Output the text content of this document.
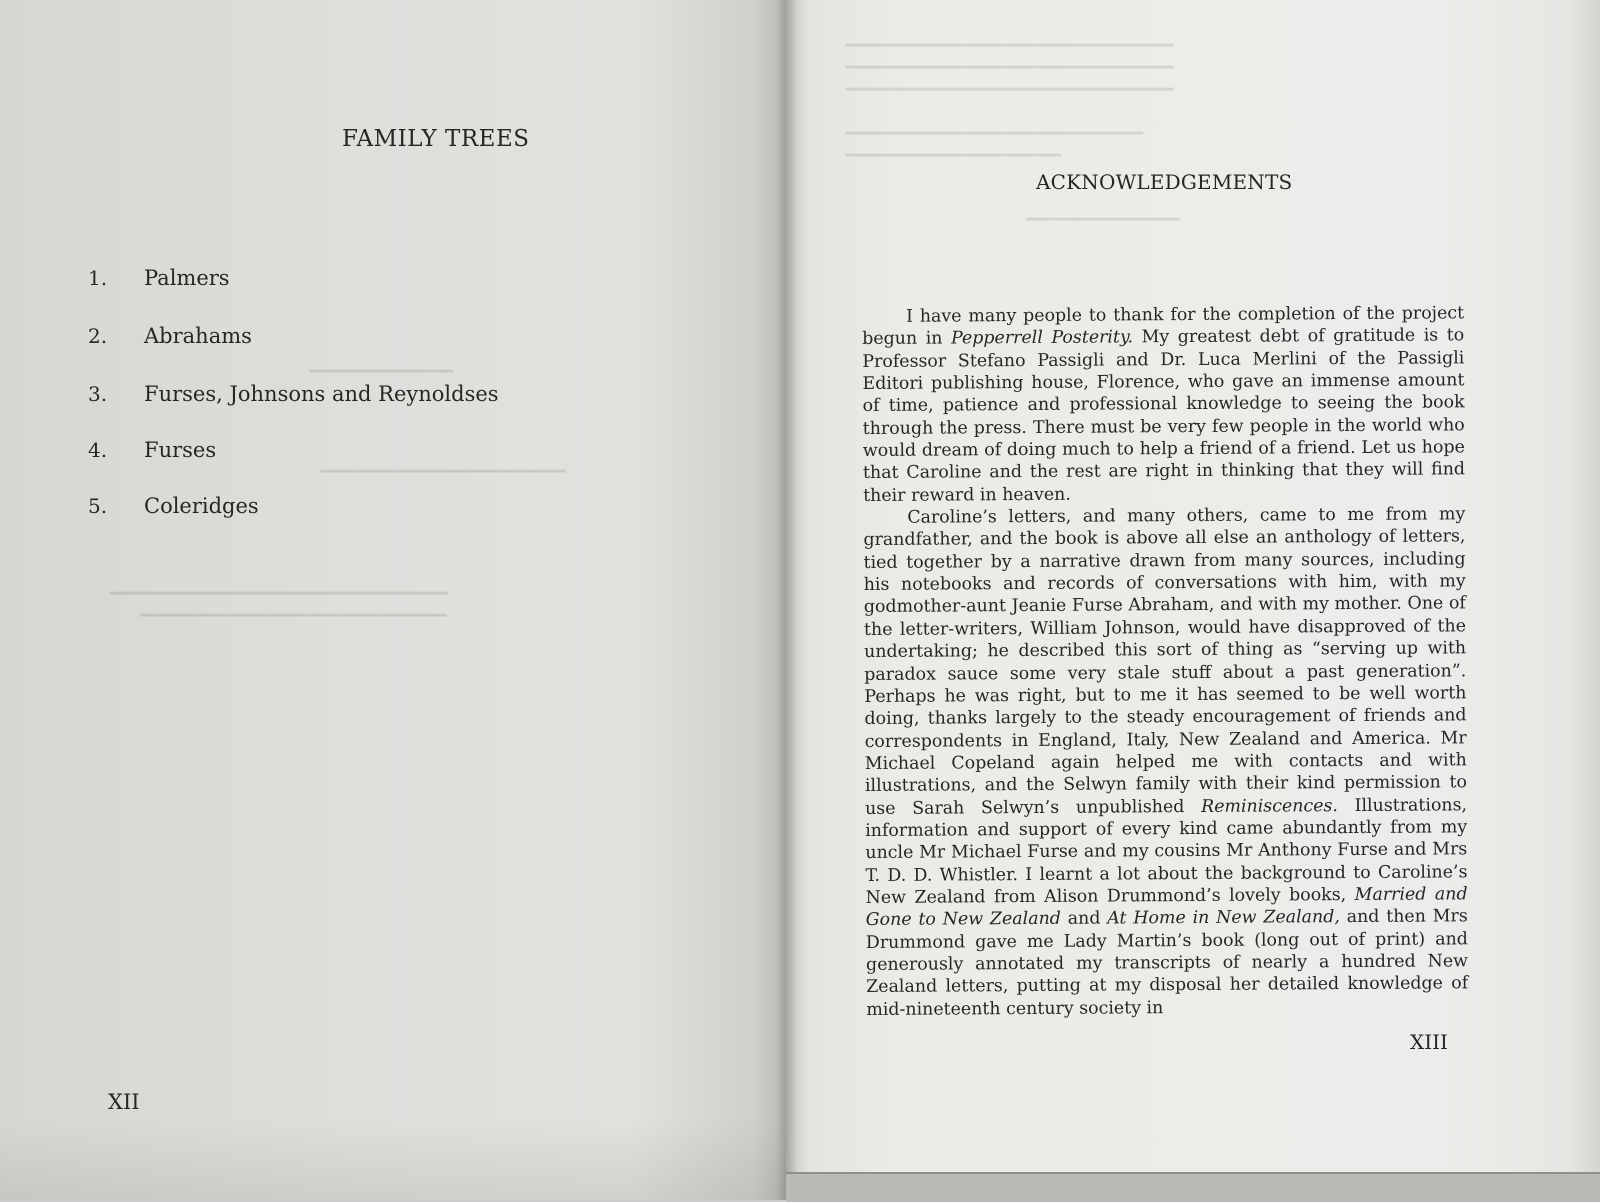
━━━━━━━━━━━━━━
━━━━━━━━━━━━━━━━━━━━━━━━━━━━━━━━━
━━━━━━━━━━━━━━━━━━━━━━━━━━━━━━
━━━━━━━━━━━━━━━━━━━━━━━━
FAMILY TREES
1. Palmers
2. Abrahams
3. Furses, Johnsons and Reynoldses
4. Furses
5. Coleridges
XII
━━━━━━━━━━━━━━━━━━━━━━━━━━━━━━━━
━━━━━━━━━━━━━━━━━━━━━━━━━━━━━━━━
━━━━━━━━━━━━━━━━━━━━━━━━━━━━━━━━
━━━━━━━━━━━━━━━━━━━━━━━━━━━━━
━━━━━━━━━━━━━━━━━━━━━
━━━━━━━━━━━━━━━
ACKNOWLEDGEMENTS

I have many people to thank for the completion of the project begun in Pepperrell Posterity. My greatest debt of gratitude is to Professor Stefano Passigli and Dr. Luca Merlini of the Passigli Editori publishing house, Florence, who gave an immense amount of time, patience and professional knowledge to seeing the book through the press. There must be very few people in the world who would dream of doing much to help a friend of a friend. Let us hope that Caroline and the rest are right in thinking that they will find their reward in heaven.

Caroline’s letters, and many others, came to me from my grandfather, and the book is above all else an anthology of letters, tied together by a narrative drawn from many sources, including his notebooks and records of conversations with him, with my godmother-aunt Jeanie Furse Abraham, and with my mother. One of the letter-writers, William Johnson, would have disapproved of the undertaking; he described this sort of thing as “serving up with paradox sauce some very stale stuff about a past generation”. Perhaps he was right, but to me it has seemed to be well worth doing, thanks largely to the steady encouragement of friends and correspondents in England, Italy, New Zealand and America. Mr Michael Copeland again helped me with contacts and with illustrations, and the Selwyn family with their kind permission to use Sarah Selwyn’s unpublished Reminiscences. Illustrations, information and support of every kind came abundantly from my uncle Mr Michael Furse and my cousins Mr Anthony Furse and Mrs T. D. D. Whistler. I learnt a lot about the background to Caroline’s New Zealand from Alison Drummond’s lovely books, Married and Gone to New Zealand and At Home in New Zealand, and then Mrs Drummond gave me Lady Martin’s book (long out of print) and generously annotated my transcripts of nearly a hundred New Zealand letters, putting at my disposal her detailed knowledge of mid-nineteenth century society in

XIII
